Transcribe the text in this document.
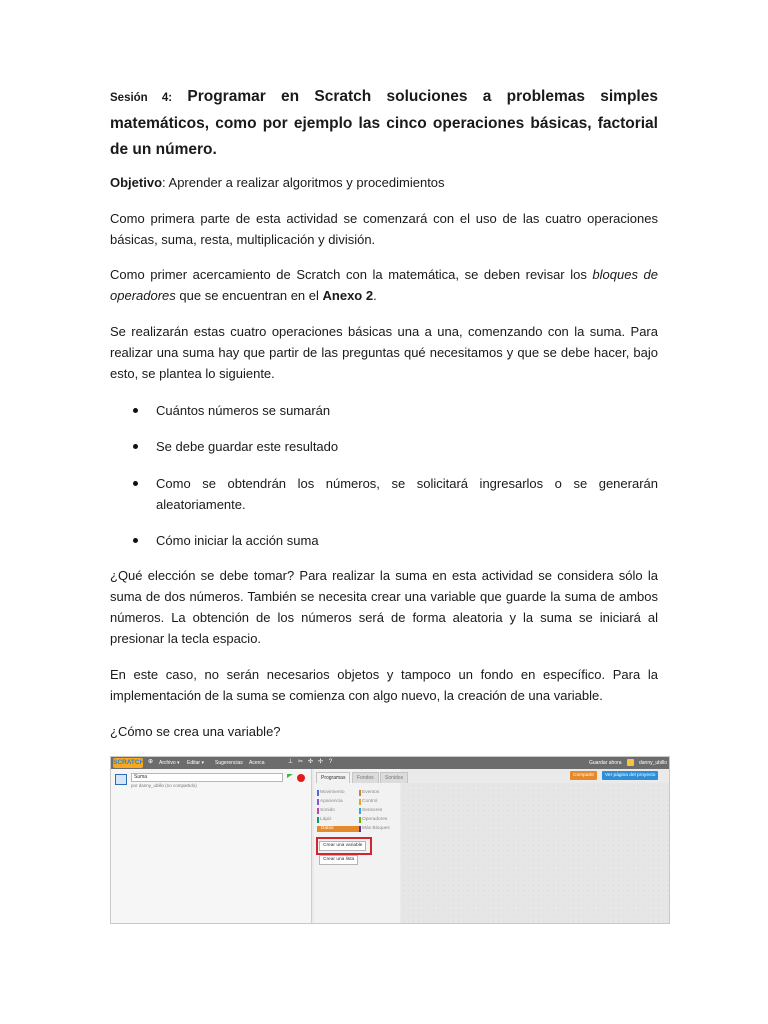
Sesión 4: Programar en Scratch soluciones a problemas simples matemáticos, como por ejemplo las cinco operaciones básicas, factorial de un número.

Objetivo: Aprender a realizar algoritmos y procedimientos

Como primera parte de esta actividad se comenzará con el uso de las cuatro operaciones básicas, suma, resta, multiplicación y división.

Como primer acercamiento de Scratch con la matemática, se deben revisar los bloques de operadores que se encuentran en el Anexo 2.

Se realizarán estas cuatro operaciones básicas una a una, comenzando con la suma. Para realizar una suma hay que partir de las preguntas qué necesitamos y que se debe hacer, bajo esto, se plantea lo siguiente.

Cuántos números se sumarán
Se debe guardar este resultado
Como se obtendrán los números, se solicitará ingresarlos o se generarán aleatoriamente.
Cómo iniciar la acción suma

¿Qué elección se debe tomar? Para realizar la suma en esta actividad se considera sólo la suma de dos números. También se necesita crear una variable que guarde la suma de ambos números. La obtención de los números será de forma aleatoria y la suma se iniciará al presionar la tecla espacio.

En este caso, no serán necesarios objetos y tampoco un fondo en específico. Para la implementación de la suma se comienza con algo nuevo, la creación de una variable.

¿Cómo se crea una variable?

SCRATCH ⊕ Archivo ▾ Editar ▾ Sugerencias Acerca	⊥ ✂ ✣ ✢ ?	Guardar ahora	danny_ubillo
Suma
por danny_ubillo (no compartido)
Programas	Fondos	Sonidos
Movimiento
Apariencia
Sonido
Lápiz
Datos
Eventos
Control
Sensores
Operadores
Más Bloques
Crear una variable
Crear una lista
Compartir	Ver página del proyecto
